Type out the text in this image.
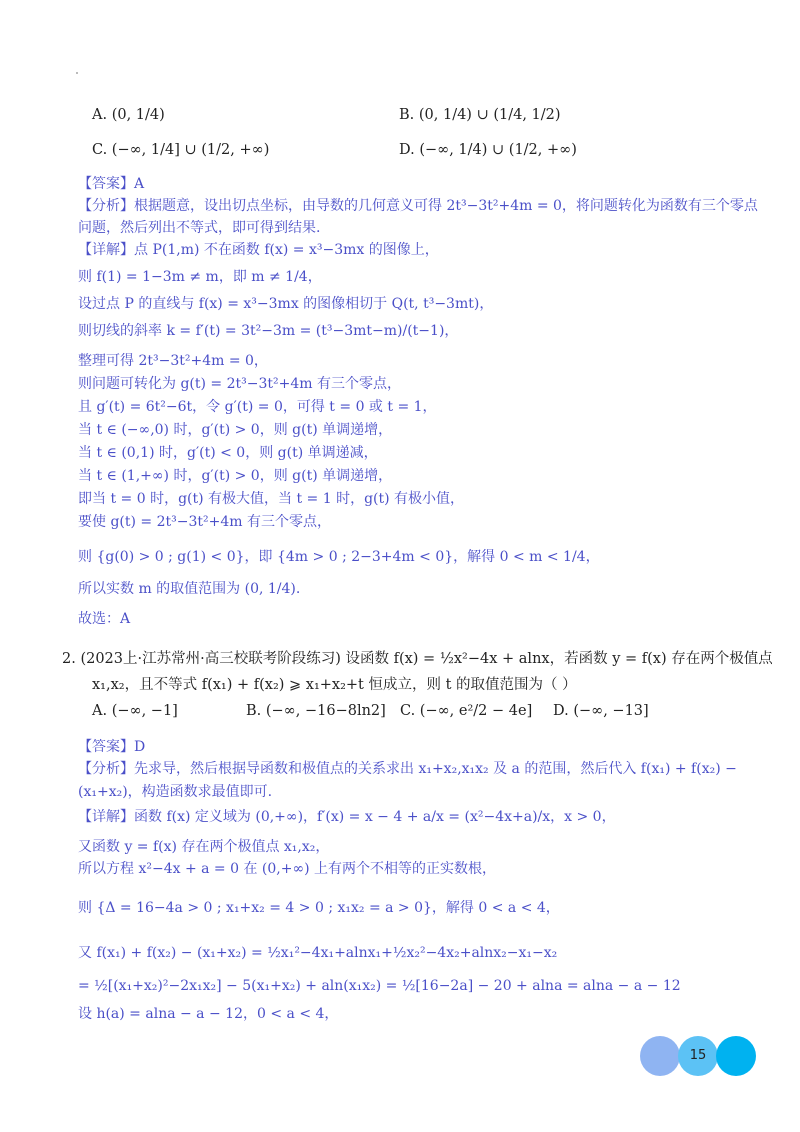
A. (0, 1/4)	B. (0, 1/4) ∪ (1/4, 1/2)
C. (−∞, 1/4] ∪ (1/2, +∞)	D. (−∞, 1/4) ∪ (1/2, +∞)
【答案】A
【分析】根据题意，设出切点坐标，由导数的几何意义可得 2t³−3t²+4m = 0，将问题转化为函数有三个零点
问题，然后列出不等式，即可得到结果.
【详解】点 P(1,m) 不在函数 f(x) = x³−3mx 的图像上，
则 f(1) = 1−3m ≠ m，即 m ≠ 1/4，
设过点 P 的直线与 f(x) = x³−3mx 的图像相切于 Q(t, t³−3mt)，
则切线的斜率 k = f′(t) = 3t²−3m = (t³−3mt−m)/(t−1)，
整理可得 2t³−3t²+4m = 0，
则问题可转化为 g(t) = 2t³−3t²+4m 有三个零点，
且 g′(t) = 6t²−6t，令 g′(t) = 0，可得 t = 0 或 t = 1，
当 t ∈ (−∞,0) 时，g′(t) > 0，则 g(t) 单调递增，
当 t ∈ (0,1) 时，g′(t) < 0，则 g(t) 单调递减，
当 t ∈ (1,+∞) 时，g′(t) > 0，则 g(t) 单调递增，
即当 t = 0 时，g(t) 有极大值，当 t = 1 时，g(t) 有极小值，
要使 g(t) = 2t³−3t²+4m 有三个零点，
则 {g(0) > 0 ; g(1) < 0}，即 {4m > 0 ; 2−3+4m < 0}，解得 0 < m < 1/4，
所以实数 m 的取值范围为 (0, 1/4).
故选：A
2. (2023上·江苏常州·高三校联考阶段练习) 设函数 f(x) = ½x²−4x + alnx，若函数 y = f(x) 存在两个极值点
x₁,x₂，且不等式 f(x₁) + f(x₂) ⩾ x₁+x₂+t 恒成立，则 t 的取值范围为（ ）
A. (−∞, −1]	B. (−∞, −16−8ln2] C. (−∞, e²/2 − 4e] D. (−∞, −13]
【答案】D
【分析】先求导，然后根据导函数和极值点的关系求出 x₁+x₂,x₁x₂ 及 a 的范围，然后代入 f(x₁) + f(x₂) −
(x₁+x₂)，构造函数求最值即可.
【详解】函数 f(x) 定义域为 (0,+∞)，f′(x) = x − 4 + a/x = (x²−4x+a)/x，x > 0，
又函数 y = f(x) 存在两个极值点 x₁,x₂，
所以方程 x²−4x + a = 0 在 (0,+∞) 上有两个不相等的正实数根，
则 {Δ = 16−4a > 0 ; x₁+x₂ = 4 > 0 ; x₁x₂ = a > 0}，解得 0 < a < 4，
又 f(x₁) + f(x₂) − (x₁+x₂) = ½x₁²−4x₁+alnx₁+½x₂²−4x₂+alnx₂−x₁−x₂
= ½[(x₁+x₂)²−2x₁x₂] − 5(x₁+x₂) + aln(x₁x₂) = ½[16−2a] − 20 + alna = alna − a − 12
设 h(a) = alna − a − 12，0 < a < 4，
15
